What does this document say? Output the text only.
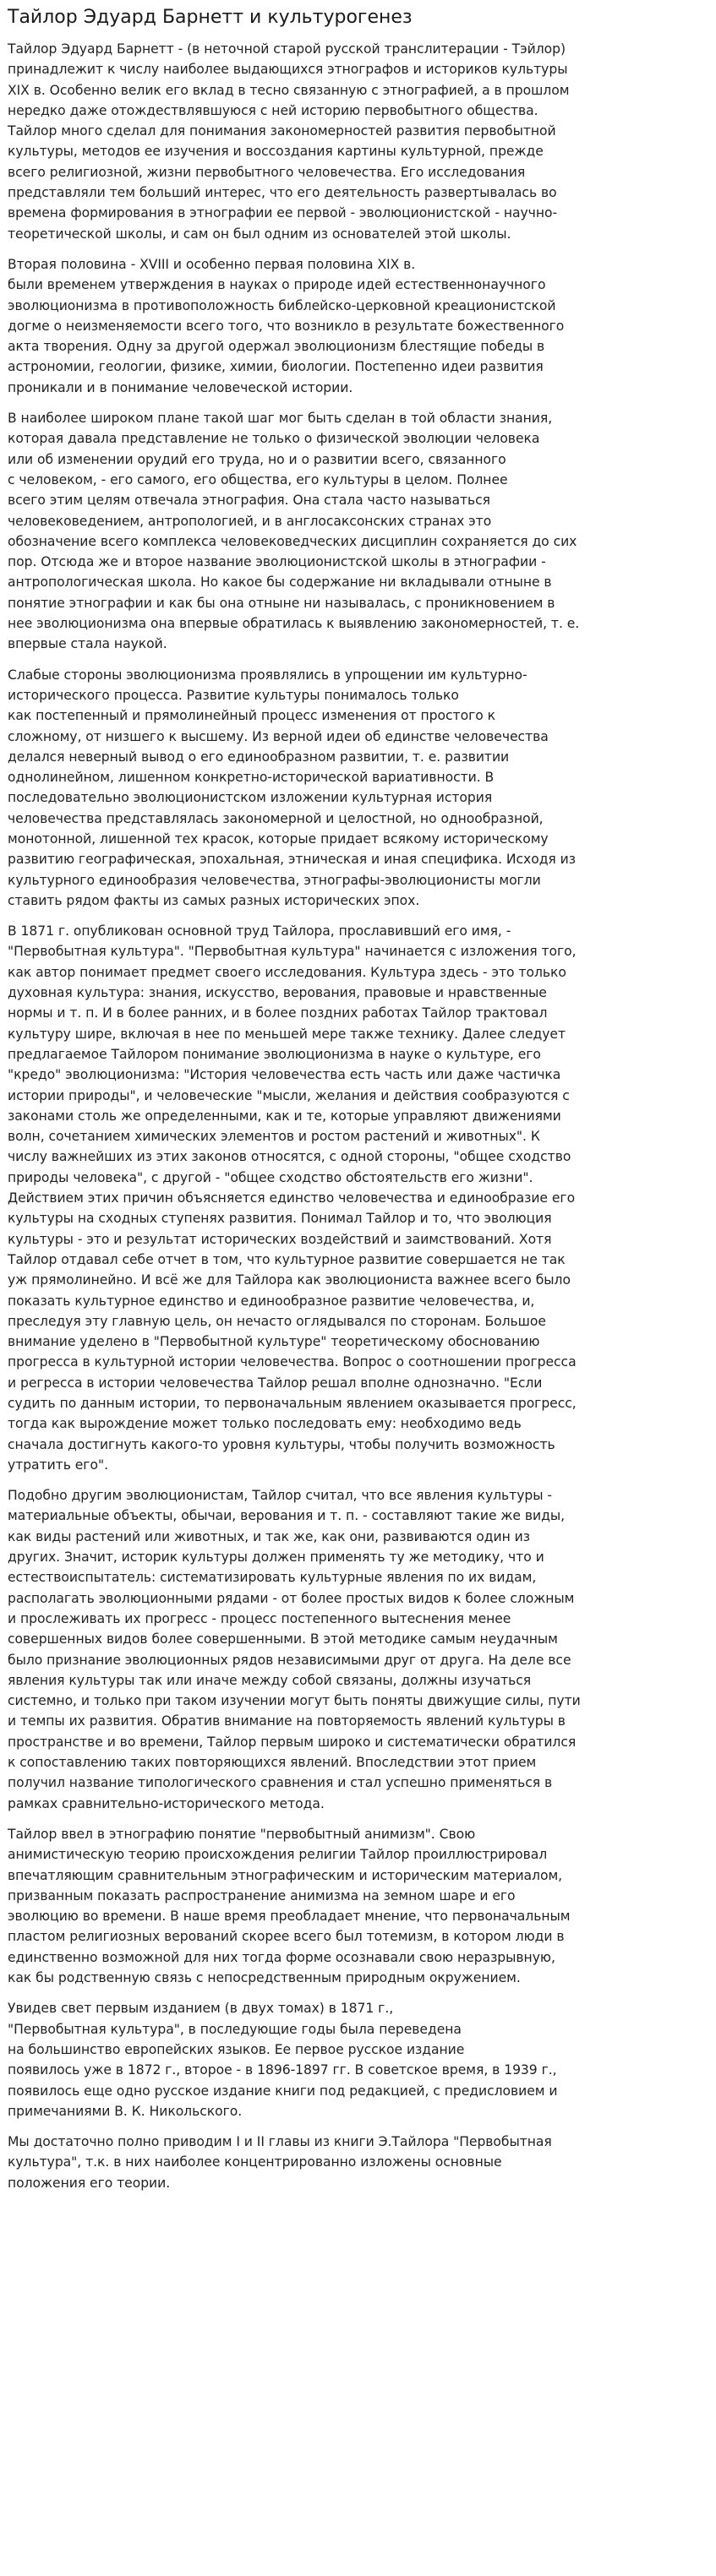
Тайлор Эдуард Барнетт и культурогенез

Тайлор Эдуард Барнетт - (в неточной старой русской транслитерации - Тэйлор)
принадлежит к числу наиболее выдающихся этнографов и историков культуры
XIX в. Особенно велик его вклад в тесно связанную с этнографией, а в прошлом
нередко даже отождествлявшуюся с ней историю первобытного общества.
Тайлор много сделал для понимания закономерностей развития первобытной
культуры, методов ее изучения и воссоздания картины культурной, прежде
всего религиозной, жизни первобытного человечества. Его исследования
представляли тем больший интерес, что его деятельность развертывалась во
времена формирования в этнографии ее первой - эволюционистской - научно-
теоретической школы, и сам он был одним из основателей этой школы.

Вторая половина - XVIII и особенно первая половина XIX в.
были временем утверждения в науках о природе идей естественнонаучного
эволюционизма в противоположность библейско-церковной креационистской
догме о неизменяемости всего того, что возникло в результате божественного
акта творения. Одну за другой одержал эволюционизм блестящие победы в
астрономии, геологии, физике, химии, биологии. Постепенно идеи развития
проникали и в понимание человеческой истории.

В наиболее широком плане такой шаг мог быть сделан в той области знания,
которая давала представление не только о физической эволюции человека
или об изменении орудий его труда, но и о развитии всего, связанного
с человеком, - его самого, его общества, его культуры в целом. Полнее
всего этим целям отвечала этнография. Она стала часто называться
человековедением, антропологией, и в англосаксонских странах это
обозначение всего комплекса человековедческих дисциплин сохраняется до сих
пор. Отсюда же и второе название эволюционистской школы в этнографии -
антропологическая школа. Но какое бы содержание ни вкладывали отныне в
понятие этнографии и как бы она отныне ни называлась, с проникновением в
нее эволюционизма она впервые обратилась к выявлению закономерностей, т. е.
впервые стала наукой.

Слабые стороны эволюционизма проявлялись в упрощении им культурно-
исторического процесса. Развитие культуры понималось только
как постепенный и прямолинейный процесс изменения от простого к
сложному, от низшего к высшему. Из верной идеи об единстве человечества
делался неверный вывод о его единообразном развитии, т. е. развитии
однолинейном, лишенном конкретно-исторической вариативности. В
последовательно эволюционистском изложении культурная история
человечества представлялась закономерной и целостной, но однообразной,
монотонной, лишенной тех красок, которые придает всякому историческому
развитию географическая, эпохальная, этническая и иная специфика. Исходя из
культурного единообразия человечества, этнографы-эволюционисты могли
ставить рядом факты из самых разных исторических эпох.

В 1871 г. опубликован основной труд Тайлора, прославивший его имя, -
"Первобытная культура". "Первобытная культура" начинается с изложения того,
как автор понимает предмет своего исследования. Культура здесь - это только
духовная культура: знания, искусство, верования, правовые и нравственные
нормы и т. п. И в более ранних, и в более поздних работах Тайлор трактовал
культуру шире, включая в нее по меньшей мере также технику. Далее следует
предлагаемое Тайлором понимание эволюционизма в науке о культуре, его
"кредо" эволюционизма: "История человечества есть часть или даже частичка
истории природы", и человеческие "мысли, желания и действия сообразуются с
законами столь же определенными, как и те, которые управляют движениями
волн, сочетанием химических элементов и ростом растений и животных". К
числу важнейших из этих законов относятся, с одной стороны, "общее сходство
природы человека", с другой - "общее сходство обстоятельств его жизни".
Действием этих причин объясняется единство человечества и единообразие его
культуры на сходных ступенях развития. Понимал Тайлор и то, что эволюция
культуры - это и результат исторических воздействий и заимствований. Хотя
Тайлор отдавал себе отчет в том, что культурное развитие совершается не так
уж прямолинейно. И всё же для Тайлора как эволюциониста важнее всего было
показать культурное единство и единообразное развитие человечества, и,
преследуя эту главную цель, он нечасто оглядывался по сторонам. Большое
внимание уделено в "Первобытной культуре" теоретическому обоснованию
прогресса в культурной истории человечества. Вопрос о соотношении прогресса
и регресса в истории человечества Тайлор решал вполне однозначно. "Если
судить по данным истории, то первоначальным явлением оказывается прогресс,
тогда как вырождение может только последовать ему: необходимо ведь
сначала достигнуть какого-то уровня культуры, чтобы получить возможность
утратить его".

Подобно другим эволюционистам, Тайлор считал, что все явления культуры -
материальные объекты, обычаи, верования и т. п. - составляют такие же виды,
как виды растений или животных, и так же, как они, развиваются один из
других. Значит, историк культуры должен применять ту же методику, что и
естествоиспытатель: систематизировать культурные явления по их видам,
располагать эволюционными рядами - от более простых видов к более сложным
и прослеживать их прогресс - процесс постепенного вытеснения менее
совершенных видов более совершенными. В этой методике самым неудачным
было признание эволюционных рядов независимыми друг от друга. На деле все
явления культуры так или иначе между собой связаны, должны изучаться
системно, и только при таком изучении могут быть поняты движущие силы, пути
и темпы их развития. Обратив внимание на повторяемость явлений культуры в
пространстве и во времени, Тайлор первым широко и систематически обратился
к сопоставлению таких повторяющихся явлений. Впоследствии этот прием
получил название типологического сравнения и стал успешно применяться в
рамках сравнительно-исторического метода.

Тайлор ввел в этнографию понятие "первобытный анимизм". Свою
анимистическую теорию происхождения религии Тайлор проиллюстрировал
впечатляющим сравнительным этнографическим и историческим материалом,
призванным показать распространение анимизма на земном шаре и его
эволюцию во времени. В наше время преобладает мнение, что первоначальным
пластом религиозных верований скорее всего был тотемизм, в котором люди в
единственно возможной для них тогда форме осознавали свою неразрывную,
как бы родственную связь с непосредственным природным окружением.

Увидев свет первым изданием (в двух томах) в 1871 г.,
"Первобытная культура", в последующие годы была переведена
на большинство европейских языков. Ее первое русское издание
появилось уже в 1872 г., второе - в 1896-1897 гг. В советское время, в 1939 г.,
появилось еще одно русское издание книги под редакцией, с предисловием и
примечаниями В. К. Никольского.

Мы достаточно полно приводим I и II главы из книги Э.Тайлора "Первобытная
культура", т.к. в них наиболее концентрированно изложены основные
положения его теории.
